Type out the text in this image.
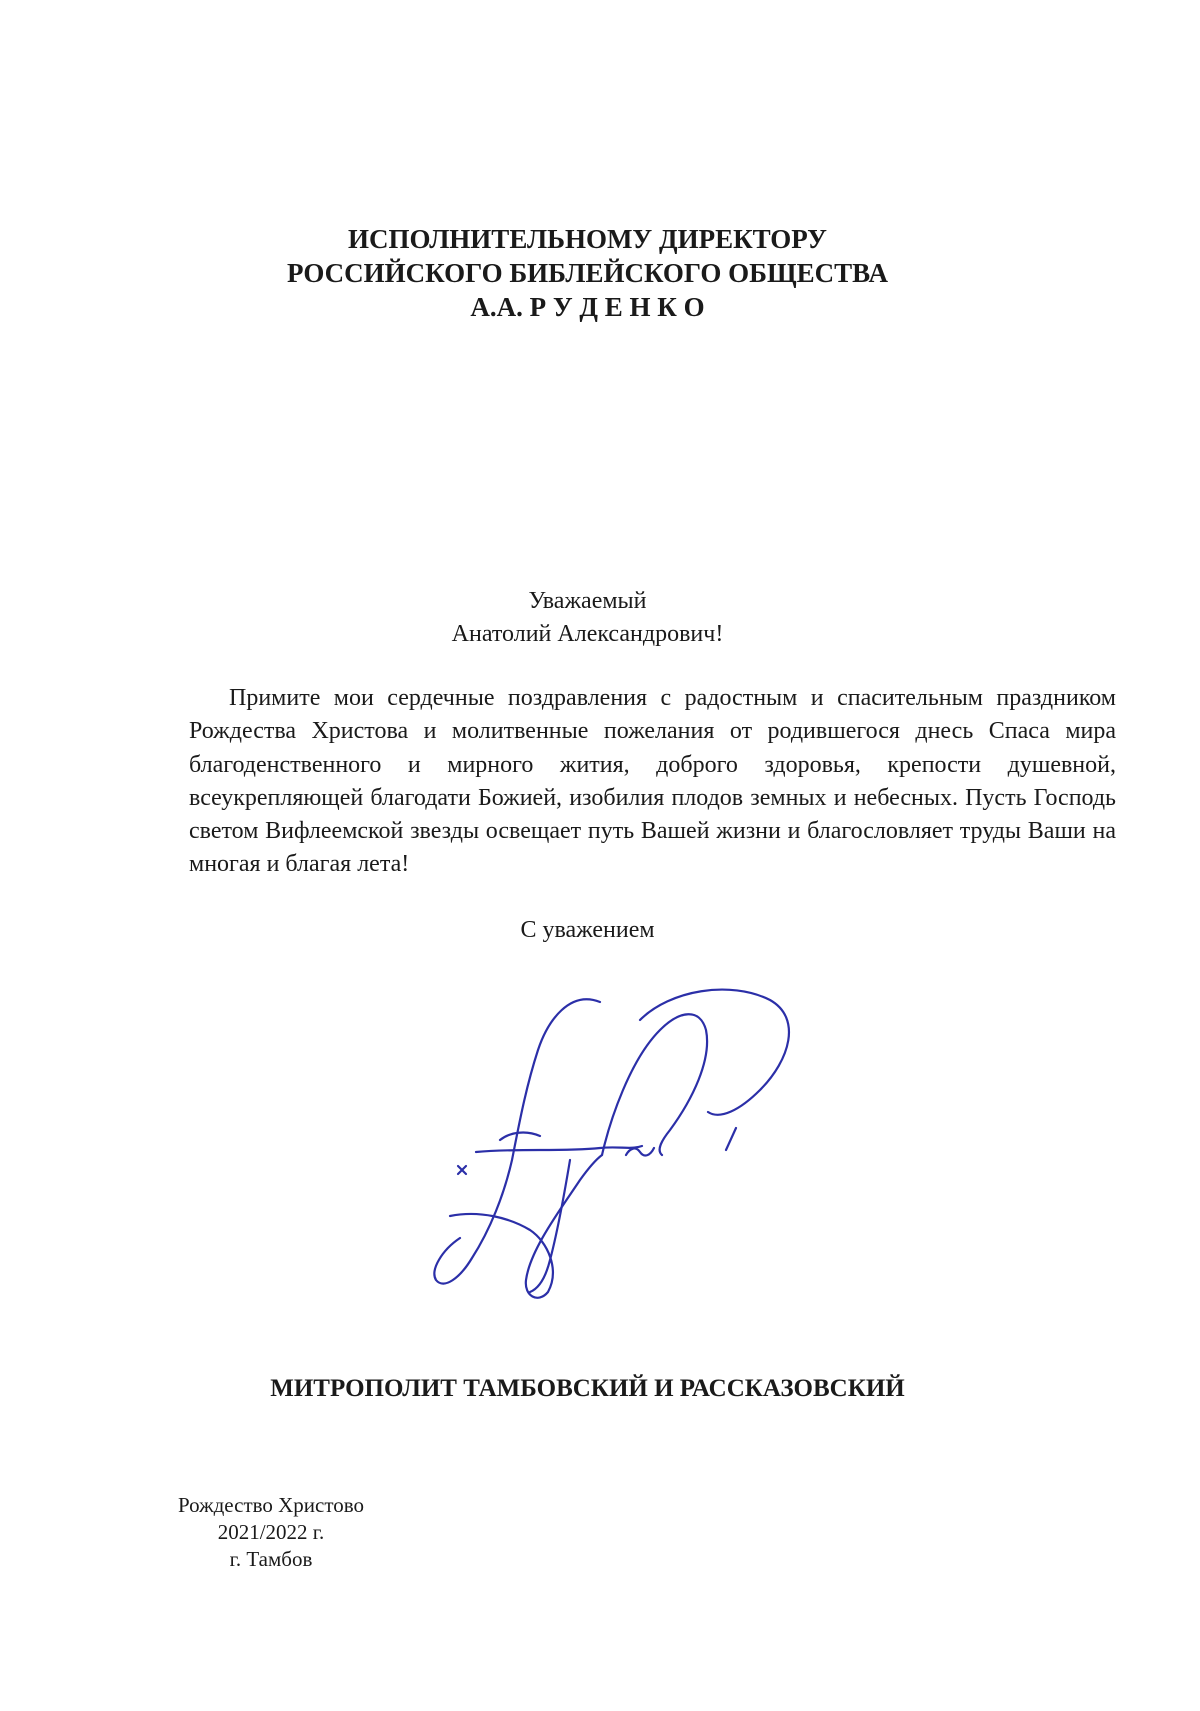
ИСПОЛНИТЕЛЬНОМУ ДИРЕКТОРУ
РОССИЙСКОГО БИБЛЕЙСКОГО ОБЩЕСТВА
А.А. Р У Д Е Н К О
Уважаемый
Анатолий Александрович!

Примите мои сердечные поздравления с радостным и спасительным праздником Рождества Христова и молитвенные пожелания от родившегося днесь Спаса мира благоденственного и мирного жития, доброго здоровья, крепости душевной, всеукрепляющей благодати Божией, изобилия плодов земных и небесных. Пусть Господь светом Вифлеемской звезды освещает путь Вашей жизни и благословляет труды Ваши на многая и благая лета!

С уважением
МИТРОПОЛИТ ТАМБОВСКИЙ И РАССКАЗОВСКИЙ
Рождество Христово
2021/2022 г.
г. Тамбов
